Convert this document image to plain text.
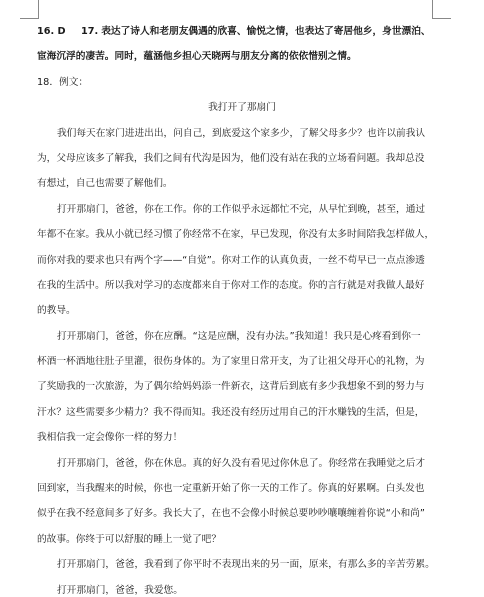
16. D 17. 表达了诗人和老朋友偶遇的欣喜、愉悦之情，也表达了寄居他乡，身世漂泊、

宦海沉浮的凄苦。同时，蕴涵他乡担心天晓两与朋友分离的依依惜别之情。

18．例文：

我打开了那扇门

我们每天在家门进进出出，问自己，到底爱这个家多少，了解父母多少？也许以前我认

为，父母应该多了解我，我们之间有代沟是因为，他们没有站在我的立场看问题。我却总没

有想过，自己也需要了解他们。

打开那扇门，爸爸，你在工作。你的工作似乎永远都忙不完，从早忙到晚，甚至，通过

年都不在家。我从小就已经习惯了你经常不在家，早已发现，你没有太多时间陪我怎样做人，

而你对我的要求也只有两个字——“自觉”。你对工作的认真负责，一丝不苟早已一点点渗透

在我的生活中。所以我对学习的态度都来自于你对工作的态度。你的言行就是对我做人最好

的教导。

打开那扇门，爸爸，你在应酬。“这是应酬，没有办法。”我知道！我只是心疼看到你一

杯酒一杯酒地往肚子里灌，很伤身体的。为了家里日常开支，为了让祖父母开心的礼物，为

了奖励我的一次旅游，为了偶尔给妈妈添一件新衣，这背后到底有多少我想象不到的努力与

汗水？这些需要多少精力？我不得而知。我还没有经历过用自己的汗水赚钱的生活，但是，

我相信我一定会像你一样的努力！

打开那扇门，爸爸，你在休息。真的好久没有看见过你休息了。你经常在我睡觉之后才

回到家，当我醒来的时候，你也一定重新开始了你一天的工作了。你真的好累啊。白头发也

似乎在我不经意间多了好多。我长大了，在也不会像小时候总要吵吵嚷嚷缠着你说“小和尚”

的故事。你终于可以舒服的睡上一觉了吧？

打开那扇门，爸爸，我看到了你平时不表现出来的另一面，原来，有那么多的辛苦劳累。

打开那扇门，爸爸，我爱您。
